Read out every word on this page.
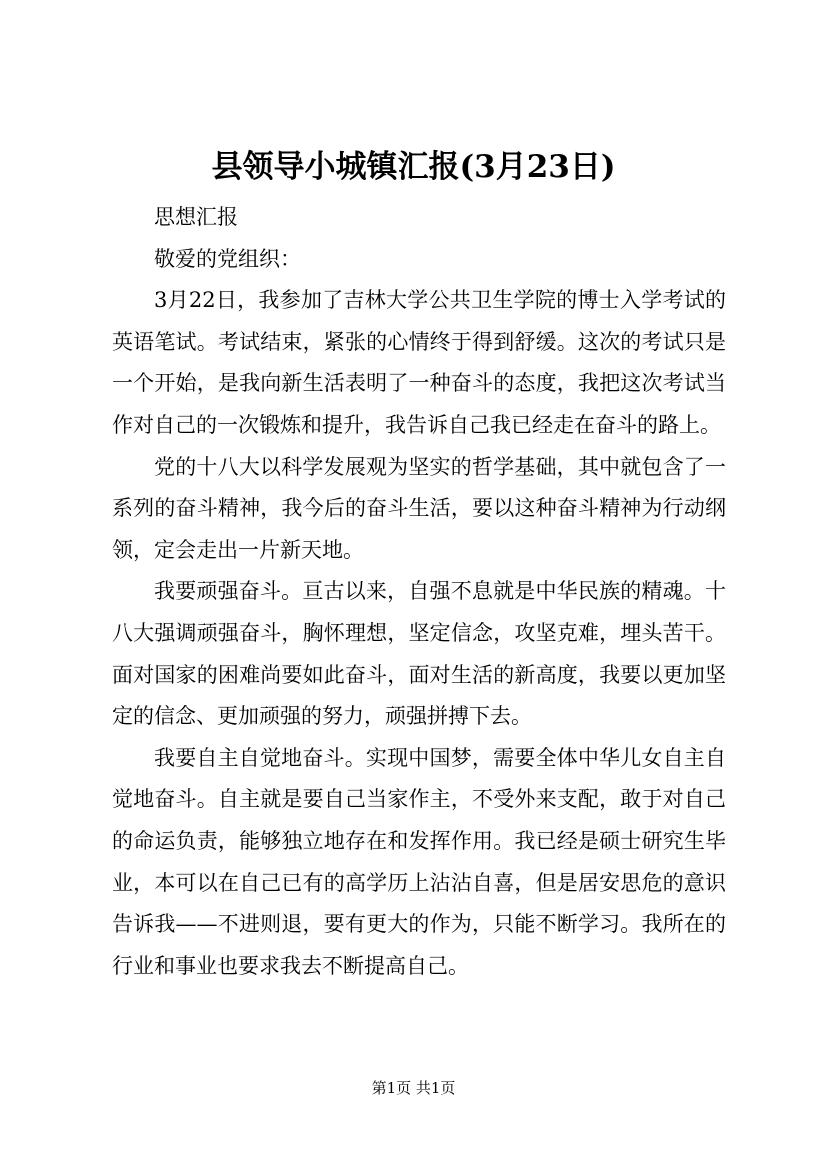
县领导小城镇汇报(3月23日)

思想汇报

敬爱的党组织：

3月22日，我参加了吉林大学公共卫生学院的博士入学考试的英语笔试。考试结束，紧张的心情终于得到舒缓。这次的考试只是一个开始，是我向新生活表明了一种奋斗的态度，我把这次考试当作对自己的一次锻炼和提升，我告诉自己我已经走在奋斗的路上。

党的十八大以科学发展观为坚实的哲学基础，其中就包含了一系列的奋斗精神，我今后的奋斗生活，要以这种奋斗精神为行动纲领，定会走出一片新天地。

我要顽强奋斗。亘古以来，自强不息就是中华民族的精魂。十八大强调顽强奋斗，胸怀理想，坚定信念，攻坚克难，埋头苦干。面对国家的困难尚要如此奋斗，面对生活的新高度，我要以更加坚定的信念、更加顽强的努力，顽强拼搏下去。

我要自主自觉地奋斗。实现中国梦，需要全体中华儿女自主自觉地奋斗。自主就是要自己当家作主，不受外来支配，敢于对自己的命运负责，能够独立地存在和发挥作用。我已经是硕士研究生毕业，本可以在自己已有的高学历上沾沾自喜，但是居安思危的意识告诉我——不进则退，要有更大的作为，只能不断学习。我所在的行业和事业也要求我去不断提高自己。

第1页 共1页
